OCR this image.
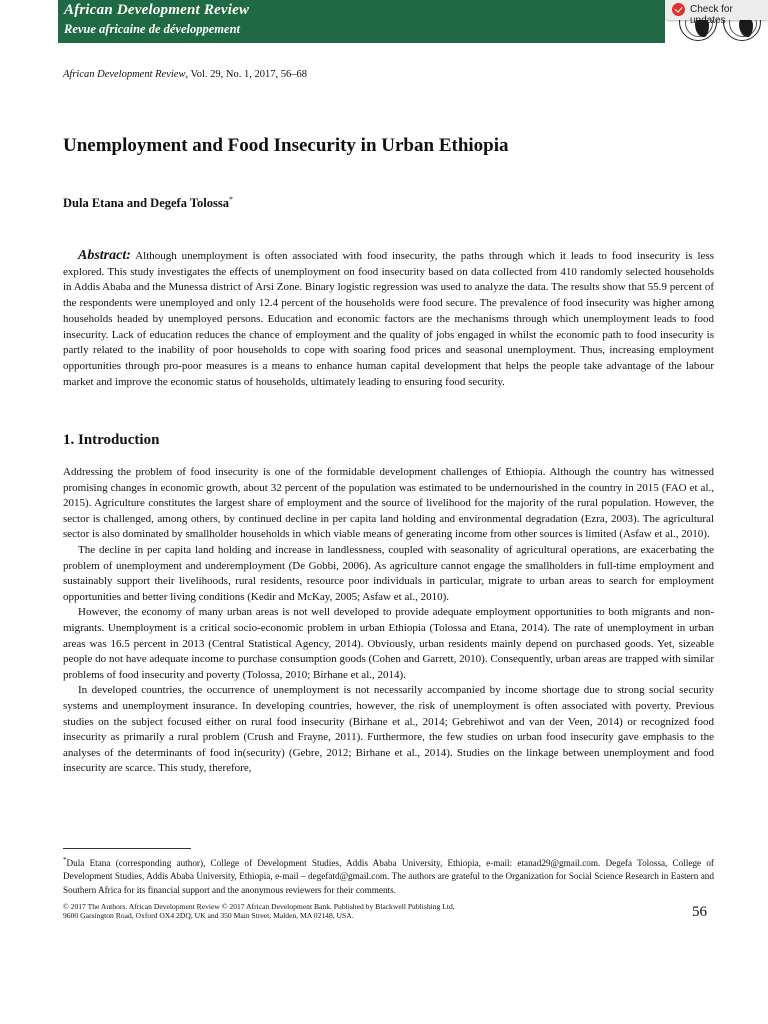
African Development Review
Revue africaine de développement
Check for updates
African Development Review, Vol. 29, No. 1, 2017, 56–68
Unemployment and Food Insecurity in Urban Ethiopia
Dula Etana and Degefa Tolossa*

Abstract: Although unemployment is often associated with food insecurity, the paths through which it leads to food insecurity is less explored. This study investigates the effects of unemployment on food insecurity based on data collected from 410 randomly selected households in Addis Ababa and the Munessa district of Arsi Zone. Binary logistic regression was used to analyze the data. The results show that 55.9 percent of the respondents were unemployed and only 12.4 percent of the households were food secure. The prevalence of food insecurity was higher among households headed by unemployed persons. Education and economic factors are the mechanisms through which unemployment leads to food insecurity. Lack of education reduces the chance of employment and the quality of jobs engaged in whilst the economic path to food insecurity is partly related to the inability of poor households to cope with soaring food prices and seasonal unemployment. Thus, increasing employment opportunities through pro-poor measures is a means to enhance human capital development that helps the people take advantage of the labour market and improve the economic status of households, ultimately leading to ensuring food security.

1. Introduction

Addressing the problem of food insecurity is one of the formidable development challenges of Ethiopia. Although the country has witnessed promising changes in economic growth, about 32 percent of the population was estimated to be undernourished in the country in 2015 (FAO et al., 2015). Agriculture constitutes the largest share of employment and the source of livelihood for the majority of the rural population. However, the sector is challenged, among others, by continued decline in per capita land holding and environmental degradation (Ezra, 2003). The agricultural sector is also dominated by smallholder households in which viable means of generating income from other sources is limited (Asfaw et al., 2010).

The decline in per capita land holding and increase in landlessness, coupled with seasonality of agricultural operations, are exacerbating the problem of unemployment and underemployment (De Gobbi, 2006). As agriculture cannot engage the smallholders in full-time employment and sustainably support their livelihoods, rural residents, resource poor individuals in particular, migrate to urban areas to search for employment opportunities and better living conditions (Kedir and McKay, 2005; Asfaw et al., 2010).

However, the economy of many urban areas is not well developed to provide adequate employment opportunities to both migrants and non-migrants. Unemployment is a critical socio-economic problem in urban Ethiopia (Tolossa and Etana, 2014). The rate of unemployment in urban areas was 16.5 percent in 2013 (Central Statistical Agency, 2014). Obviously, urban residents mainly depend on purchased goods. Yet, sizeable people do not have adequate income to purchase consumption goods (Cohen and Garrett, 2010). Consequently, urban areas are trapped with similar problems of food insecurity and poverty (Tolossa, 2010; Birhane et al., 2014).

In developed countries, the occurrence of unemployment is not necessarily accompanied by income shortage due to strong social security systems and unemployment insurance. In developing countries, however, the risk of unemployment is often associated with poverty. Previous studies on the subject focused either on rural food insecurity (Birhane et al., 2014; Gebrehiwot and van der Veen, 2014) or recognized food insecurity as primarily a rural problem (Crush and Frayne, 2011). Furthermore, the few studies on urban food insecurity gave emphasis to the analyses of the determinants of food in(security) (Gebre, 2012; Birhane et al., 2014). Studies on the linkage between unemployment and food insecurity are scarce. This study, therefore,

*Dula Etana (corresponding author), College of Development Studies, Addis Ababa University, Ethiopia, e-mail: etanad29@gmail.com. Degefa Tolossa, College of Development Studies, Addis Ababa University, Ethiopia, e-mail – degefatd@gmail.com. The authors are grateful to the Organization for Social Science Research in Eastern and Southern Africa for its financial support and the anonymous reviewers for their comments.

© 2017 The Authors. African Development Review © 2017 African Development Bank. Published by Blackwell Publishing Ltd,
9600 Garsington Road, Oxford OX4 2DQ, UK and 350 Main Street, Malden, MA 02148, USA.	56
